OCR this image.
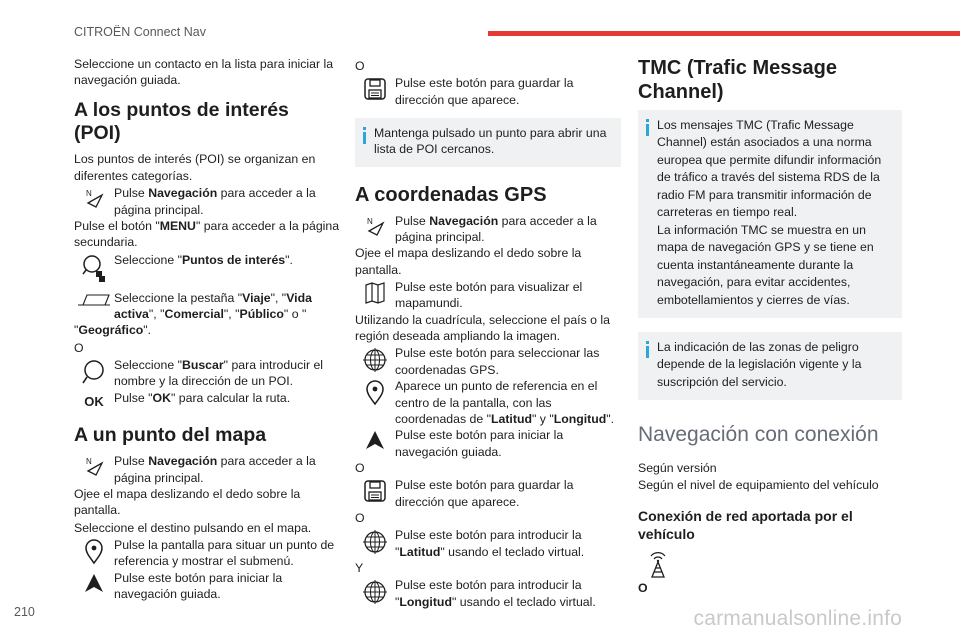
CITROËN Connect Nav
Seleccione un contacto en la lista para iniciar la navegación guiada.
A los puntos de interés (POI)
Los puntos de interés (POI) se organizan en diferentes categorías.
N Pulse Navegación para acceder a la página principal.
Pulse el botón "MENU" para acceder a la página secundaria.
Seleccione "Puntos de interés".
Seleccione la pestaña "Viaje", "Vida activa", "Comercial", "Público" o "
"Geográfico".
O
Seleccione "Buscar" para introducir el nombre y la dirección de un POI.
OK Pulse "OK" para calcular la ruta.
A un punto del mapa
N Pulse Navegación para acceder a la página principal.
Ojee el mapa deslizando el dedo sobre la pantalla.
Seleccione el destino pulsando en el mapa.
Pulse la pantalla para situar un punto de referencia y mostrar el submenú.
Pulse este botón para iniciar la navegación guiada.
O
Pulse este botón para guardar la dirección que aparece.
Mantenga pulsado un punto para abrir una lista de POI cercanos.
A coordenadas GPS
N Pulse Navegación para acceder a la página principal.
Ojee el mapa deslizando el dedo sobre la pantalla.
Pulse este botón para visualizar el mapamundi.
Utilizando la cuadrícula, seleccione el país o la región deseada ampliando la imagen.
Pulse este botón para seleccionar las coordenadas GPS.
Aparece un punto de referencia en el centro de la pantalla, con las coordenadas de "Latitud" y "Longitud".
Pulse este botón para iniciar la navegación guiada.
O
Pulse este botón para guardar la dirección que aparece.
O
Pulse este botón para introducir la "Latitud" usando el teclado virtual.
Y
Pulse este botón para introducir la "Longitud" usando el teclado virtual.
TMC (Trafic Message Channel)
Los mensajes TMC (Trafic Message Channel) están asociados a una norma europea que permite difundir información de tráfico a través del sistema RDS de la radio FM para transmitir información de carreteras en tiempo real.
La información TMC se muestra en un mapa de navegación GPS y se tiene en cuenta instantáneamente durante la navegación, para evitar accidentes, embotellamientos y cierres de vías.
La indicación de las zonas de peligro depende de la legislación vigente y la suscripción del servicio.
Navegación con conexión
Según versión
Según el nivel de equipamiento del vehículo
Conexión de red aportada por el vehículo
O
210	carmanualsonline.info
